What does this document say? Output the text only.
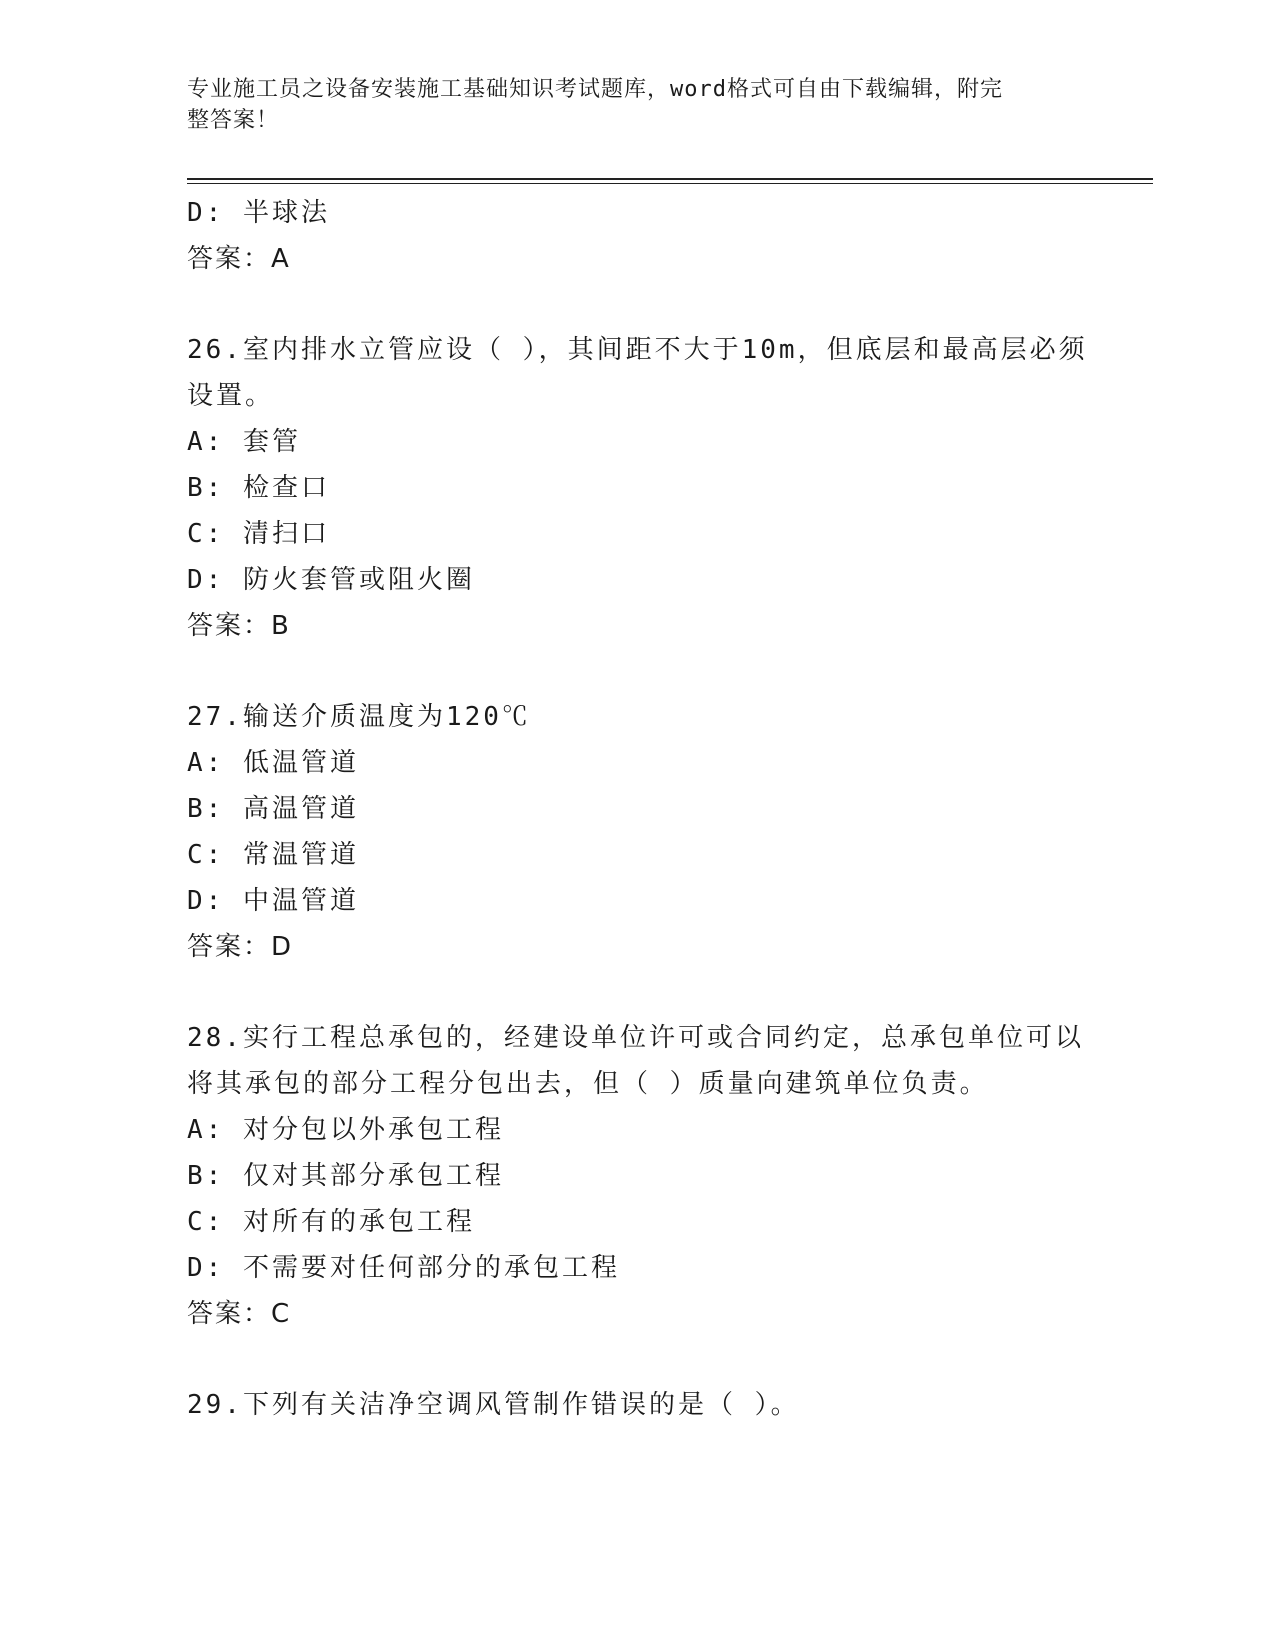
专业施工员之设备安装施工基础知识考试题库，word格式可自由下载编辑，附完
整答案！
D: 半球法
答案：A
26.室内排水立管应设（ ），其间距不大于10m，但底层和最高层必须
设置。
A: 套管
B: 检查口
C: 清扫口
D: 防火套管或阻火圈
答案：B
27.输送介质温度为120℃
A: 低温管道
B: 高温管道
C: 常温管道
D: 中温管道
答案：D
28.实行工程总承包的，经建设单位许可或合同约定，总承包单位可以
将其承包的部分工程分包出去，但（ ）质量向建筑单位负责。
A: 对分包以外承包工程
B: 仅对其部分承包工程
C: 对所有的承包工程
D: 不需要对任何部分的承包工程
答案：C
29.下列有关洁净空调风管制作错误的是（ ）。
